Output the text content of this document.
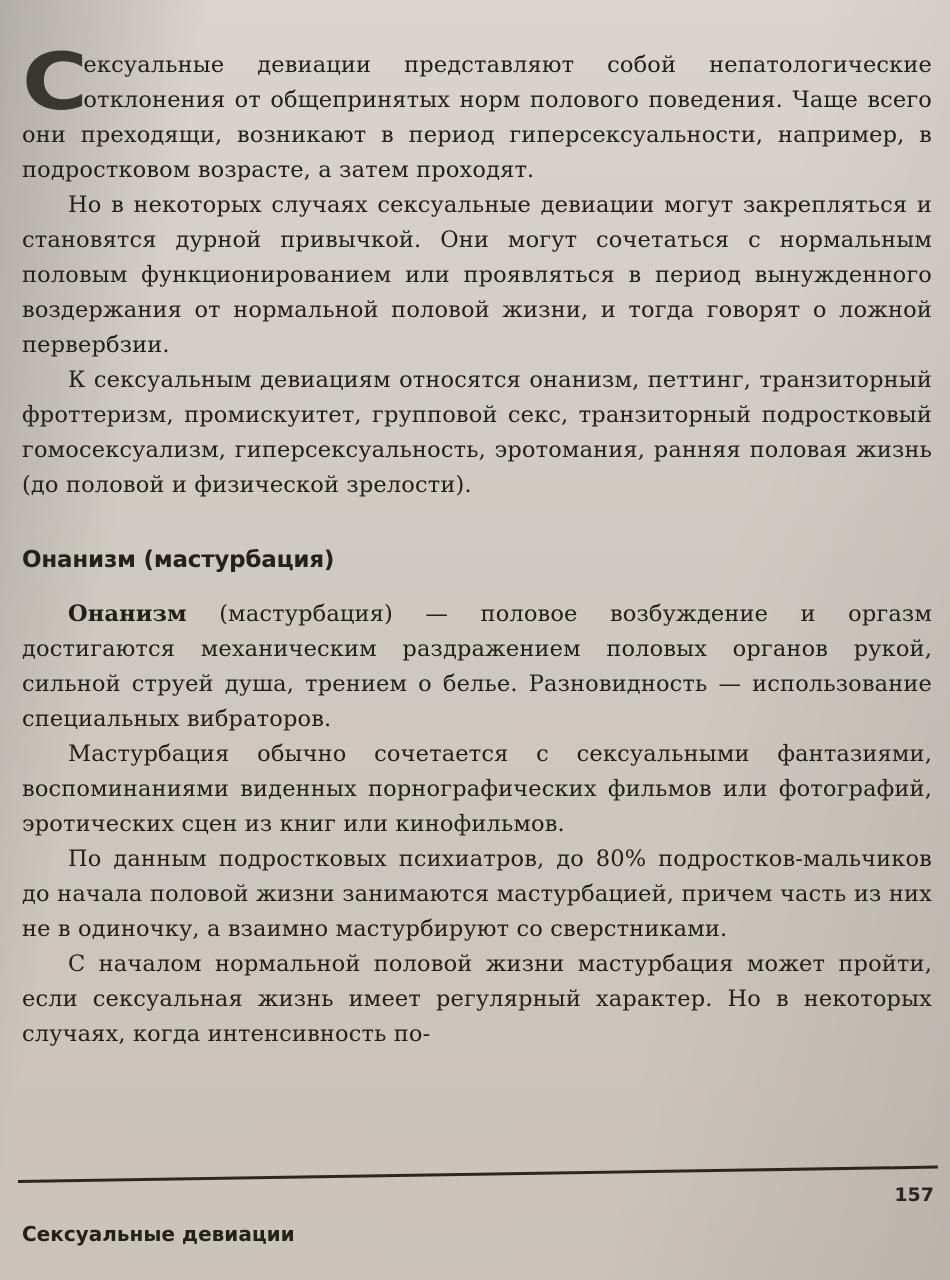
С
ексуальные девиации представляют собой непатологические отклонения от общепринятых норм полового поведения. Чаще всего они преходящи, возникают в период гиперсексуальности, например, в подростковом возрасте, а затем проходят.

Но в некоторых случаях сексуальные девиации могут закрепляться и становятся дурной привычкой. Они могут сочетаться с нормальным половым функционированием или проявляться в период вынужденного воздержания от нормальной половой жизни, и тогда говорят о ложной первербзии.

К сексуальным девиациям относятся онанизм, петтинг, транзиторный фроттеризм, промискуитет, групповой секс, транзиторный подростковый гомосексуализм, гиперсексуальность, эротомания, ранняя половая жизнь (до половой и физической зрелости).

Онанизм (мастурбация)

Онанизм (мастурбация) — половое возбуждение и оргазм достигаются механическим раздражением половых органов рукой, сильной струей душа, трением о белье. Разновидность — использование специальных вибраторов.

Мастурбация обычно сочетается с сексуальными фантазиями, воспоминаниями виденных порнографических фильмов или фотографий, эротических сцен из книг или кинофильмов.

По данным подростковых психиатров, до 80% подростков-мальчиков до начала половой жизни занимаются мастурбацией, причем часть из них не в одиночку, а взаимно мастурбируют со сверстниками.

С началом нормальной половой жизни мастурбация может пройти, если сексуальная жизнь имеет регулярный характер. Но в некоторых случаях, когда интенсивность по-

157
Сексуальные девиации
